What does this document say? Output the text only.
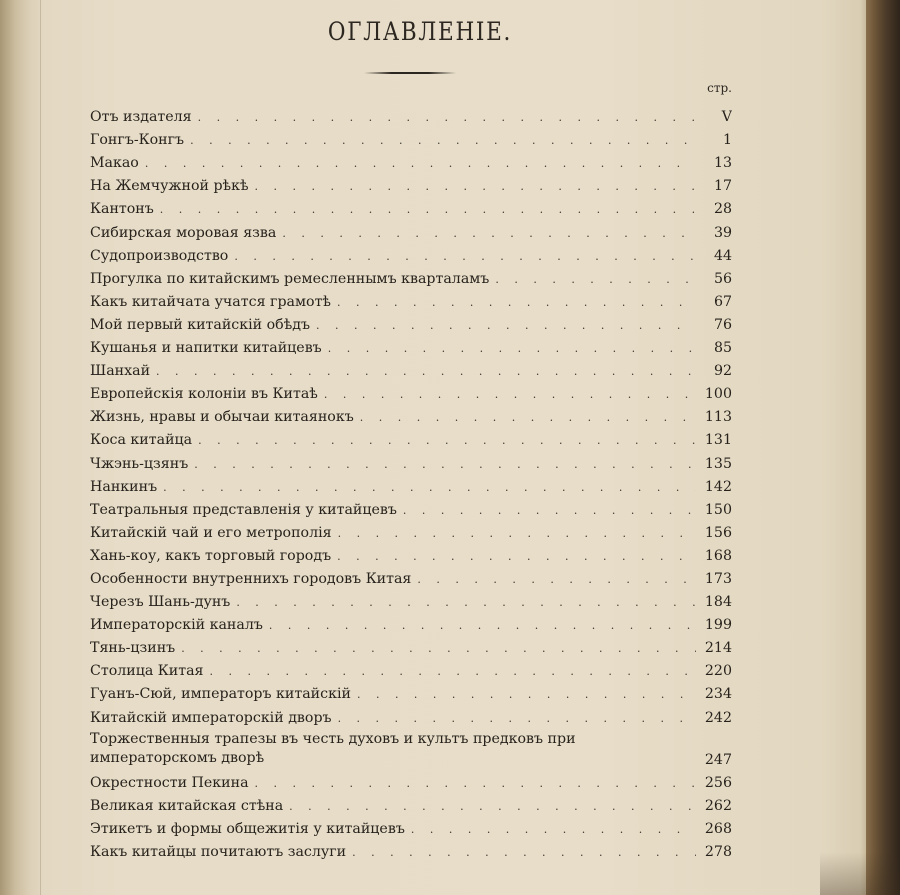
ОГЛАВЛЕНІЕ.
стр.
Отъ издателя . . .	V
Гонгъ-Конгъ . . .	1
Макао . . .	13
На Жемчужной рѣкѣ . . .	17
Кантонъ . . .	28
Сибирская моровая язва . . .	39
Судопроизводство . . .	44
Прогулка по китайскимъ ремесленнымъ кварталамъ . . .	56
Какъ китайчата учатся грамотѣ . . .	67
Мой первый китайскій обѣдъ . . .	76
Кушанья и напитки китайцевъ . . .	85
Шанхай . . .	92
Европейскія колоніи въ Китаѣ . . .	100
Жизнь, нравы и обычаи китаянокъ . . .	113
Коса китайца . . .	131
Чжэнь-цзянъ . . .	135
Нанкинъ . . .	142
Театральныя представленія у китайцевъ . . .	150
Китайскій чай и его метрополія . . .	156
Хань-коу, какъ торговый городъ . . .	168
Особенности внутреннихъ городовъ Китая . . .	173
Черезъ Шань-дунъ . . .	184
Императорскій каналъ . . .	199
Тянь-цзинъ . . .	214
Столица Китая . . .	220
Гуанъ-Сюй, императоръ китайскій . . .	234
Китайскій императорскій дворъ . . .	242
Торжественныя трапезы въ честь духовъ и культъ предковъ при императорскомъ дворѣ	247
Окрестности Пекина . . .	256
Великая китайская стѣна . . .	262
Этикетъ и формы общежитія у китайцевъ . . .	268
Какъ китайцы почитаютъ заслуги . . .	278
